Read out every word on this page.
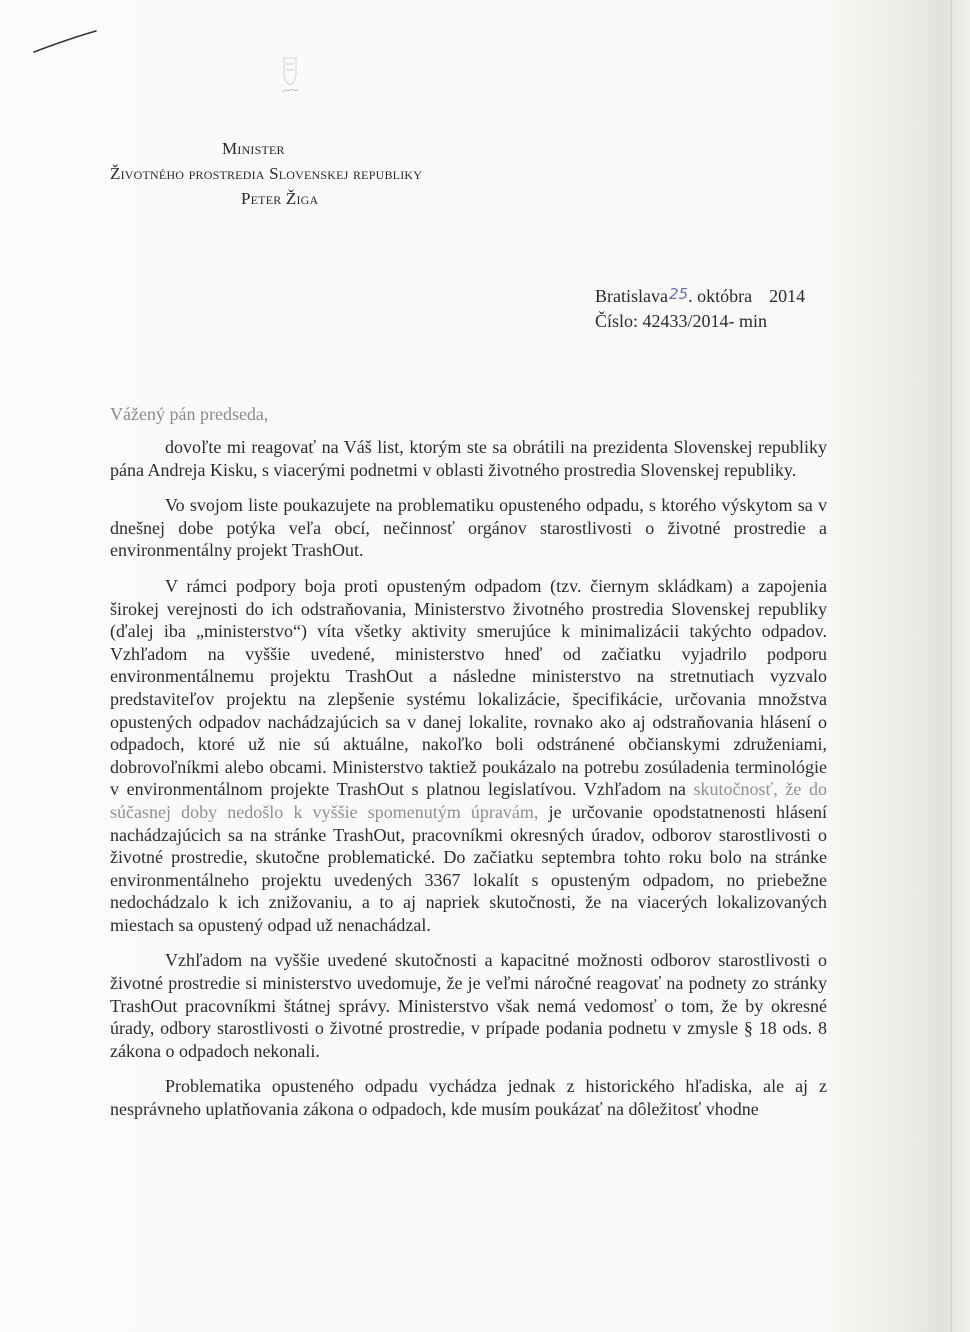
Minister
Životného prostredia Slovenskej republiky
Peter Žiga
Bratislava25. októbra 2014
Číslo: 42433/2014- min
Vážený pán predseda,

dovoľte mi reagovať na Váš list, ktorým ste sa obrátili na prezidenta Slovenskej republiky pána Andreja Kisku, s viacerými podnetmi v oblasti životného prostredia Slovenskej republiky.

Vo svojom liste poukazujete na problematiku opusteného odpadu, s ktorého výskytom sa v dnešnej dobe potýka veľa obcí, nečinnosť orgánov starostlivosti o životné prostredie a environmentálny projekt TrashOut.

V rámci podpory boja proti opusteným odpadom (tzv. čiernym skládkam) a zapojenia širokej verejnosti do ich odstraňovania, Ministerstvo životného prostredia Slovenskej republiky (ďalej iba „ministerstvo“) víta všetky aktivity smerujúce k minimalizácii takýchto odpadov. Vzhľadom na vyššie uvedené, ministerstvo hneď od začiatku vyjadrilo podporu environmentálnemu projektu TrashOut a následne ministerstvo na stretnutiach vyzvalo predstaviteľov projektu na zlepšenie systému lokalizácie, špecifikácie, určovania množstva opustených odpadov nachádzajúcich sa v danej lokalite, rovnako ako aj odstraňovania hlásení o odpadoch, ktoré už nie sú aktuálne, nakoľko boli odstránené občianskymi združeniami, dobrovoľníkmi alebo obcami. Ministerstvo taktiež poukázalo na potrebu zosúladenia terminológie v environmentálnom projekte TrashOut s platnou legislatívou. Vzhľadom na skutočnosť, že do súčasnej doby nedošlo k vyššie spomenutým úpravám, je určovanie opodstatnenosti hlásení nachádzajúcich sa na stránke TrashOut, pracovníkmi okresných úradov, odborov starostlivosti o životné prostredie, skutočne problematické. Do začiatku septembra tohto roku bolo na stránke environmentálneho projektu uvedených 3367 lokalít s opusteným odpadom, no priebežne nedochádzalo k ich znižovaniu, a to aj napriek skutočnosti, že na viacerých lokalizovaných miestach sa opustený odpad už nenachádzal.

Vzhľadom na vyššie uvedené skutočnosti a kapacitné možnosti odborov starostlivosti o životné prostredie si ministerstvo uvedomuje, že je veľmi náročné reagovať na podnety zo stránky TrashOut pracovníkmi štátnej správy. Ministerstvo však nemá vedomosť o tom, že by okresné úrady, odbory starostlivosti o životné prostredie, v prípade podania podnetu v zmysle § 18 ods. 8 zákona o odpadoch nekonali.

Problematika opusteného odpadu vychádza jednak z historického hľadiska, ale aj z nesprávneho uplatňovania zákona o odpadoch, kde musím poukázať na dôležitosť vhodne
